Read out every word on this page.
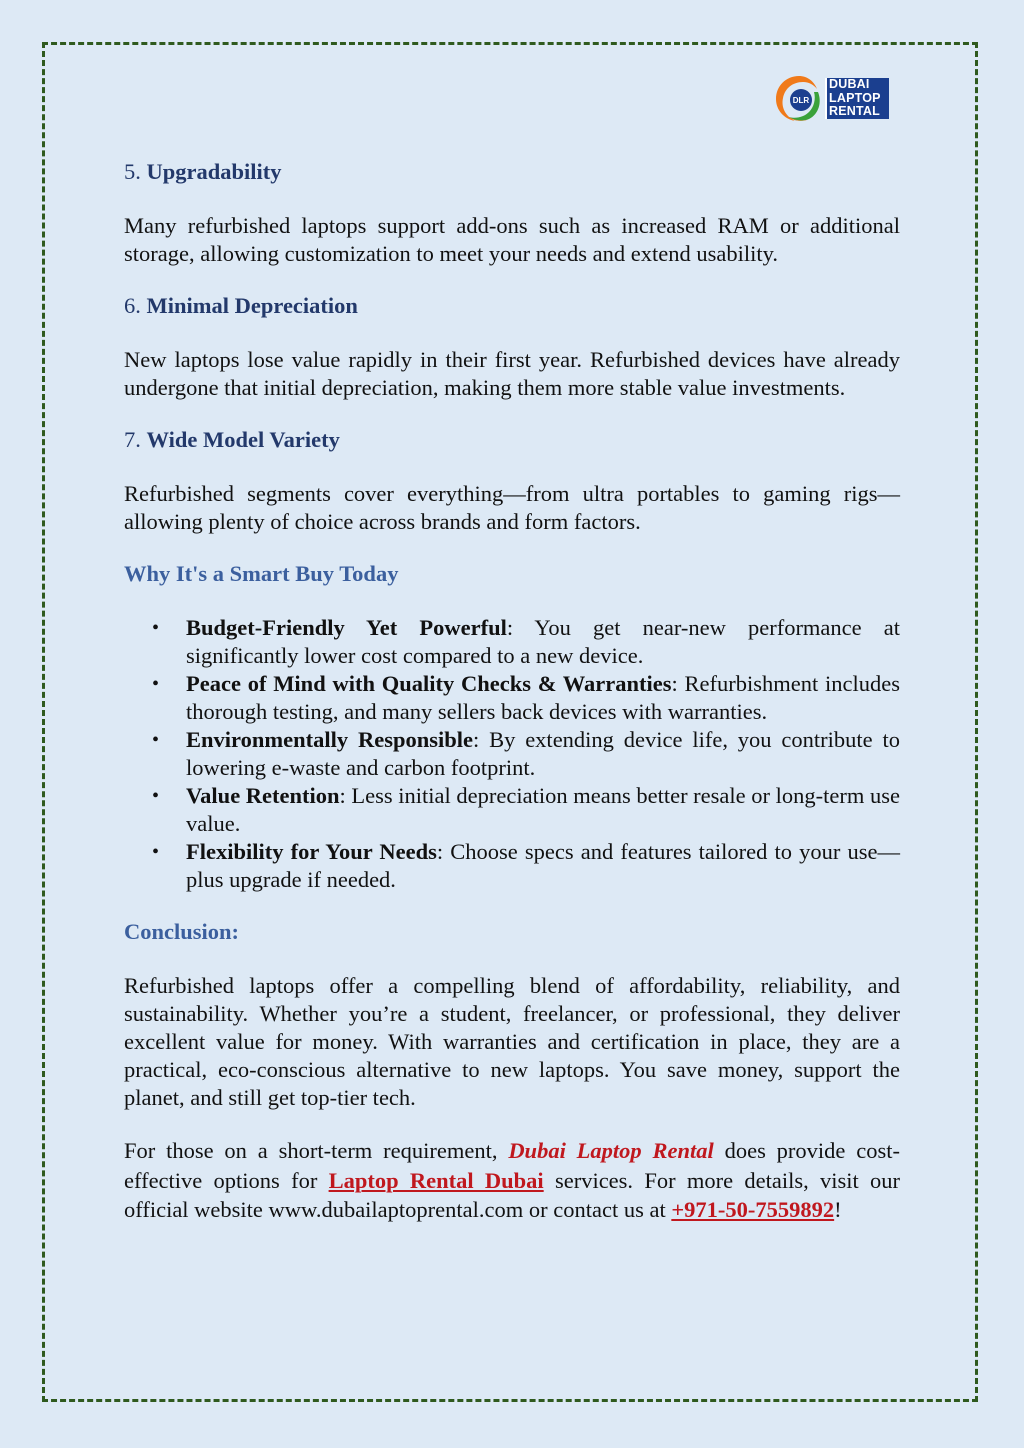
DLR
DUBAI
LAPTOP
RENTAL

5. Upgradability

Many refurbished laptops support add-ons such as increased RAM or additional storage, allowing customization to meet your needs and extend usability.

6. Minimal Depreciation

New laptops lose value rapidly in their first year. Refurbished devices have already undergone that initial depreciation, making them more stable value investments.

7. Wide Model Variety

Refurbished segments cover everything—from ultra portables to gaming rigs—allowing plenty of choice across brands and form factors.

Why It's a Smart Buy Today

• Budget-Friendly Yet Powerful: You get near-new performance at significantly lower cost compared to a new device.
• Peace of Mind with Quality Checks & Warranties: Refurbishment includes thorough testing, and many sellers back devices with warranties.
• Environmentally Responsible: By extending device life, you contribute to lowering e-waste and carbon footprint.
• Value Retention: Less initial depreciation means better resale or long-term use value.
• Flexibility for Your Needs: Choose specs and features tailored to your use—plus upgrade if needed.

Conclusion:

Refurbished laptops offer a compelling blend of affordability, reliability, and sustainability. Whether you’re a student, freelancer, or professional, they deliver excellent value for money. With warranties and certification in place, they are a practical, eco-conscious alternative to new laptops. You save money, support the planet, and still get top-tier tech.

For those on a short-term requirement, Dubai Laptop Rental does provide cost-effective options for Laptop Rental Dubai services. For more details, visit our official website www.dubailaptoprental.com or contact us at +971-50-7559892!
